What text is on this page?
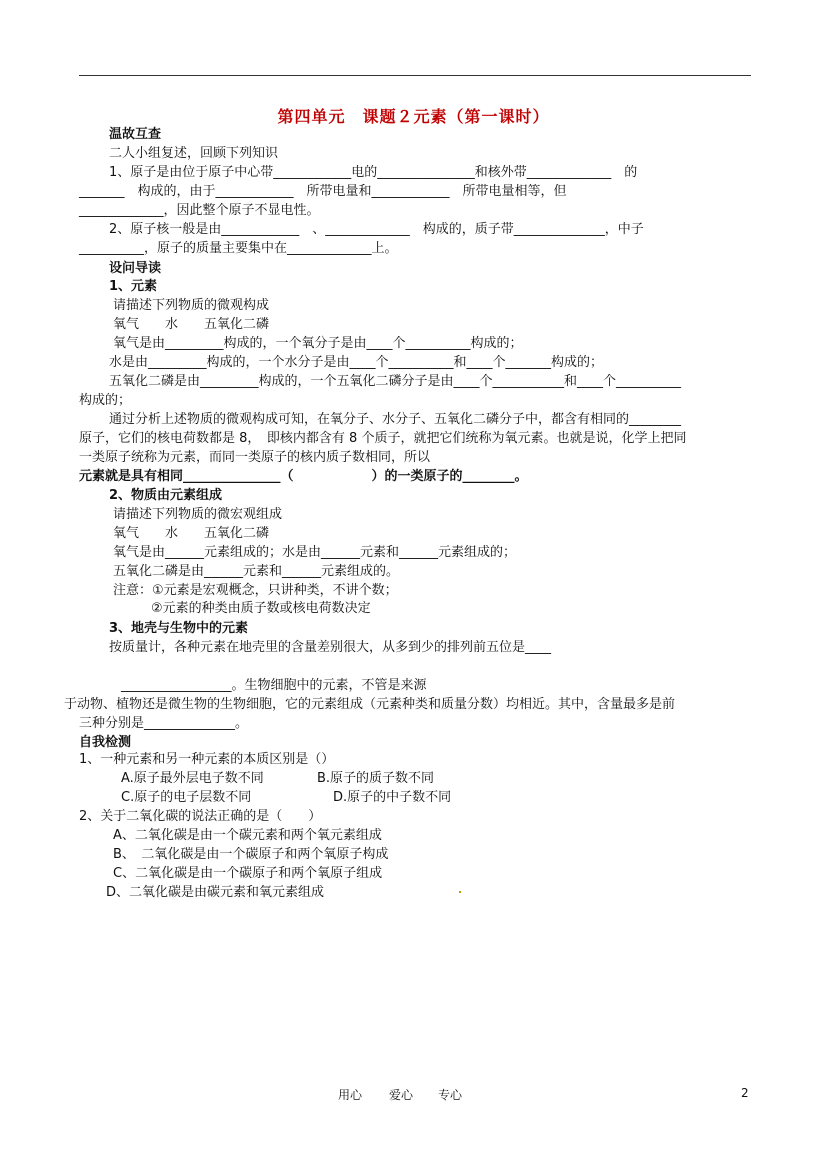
第四单元　课题２元素（第一课时）
温故互查
二人小组复述，回顾下列知识
1、原子是由位于原子中心带____________电的_______________和核外带_____________　的
_______　构成的，由于____________　所带电量和____________　所带电量相等，但
_____________，因此整个原子不显电性。
2、原子核一般是由____________　、_____________　构成的，质子带______________，中子
__________，原子的质量主要集中在_____________上。
设问导读
1、元素
请描述下列物质的微观构成
氧气　　水　　五氧化二磷
氧气是由_________构成的，一个氧分子是由____个__________构成的；
水是由_________构成的，一个水分子是由____个__________和____个_______构成的；
五氧化二磷是由_________构成的，一个五氧化二磷分子是由____个___________和____个__________
构成的；
通过分析上述物质的微观构成可知，在氧分子、水分子、五氧化二磷分子中，都含有相同的________
原子，它们的核电荷数都是 8，　即核内都含有 8 个质子，就把它们统称为氧元素。也就是说，化学上把同
一类原子统称为元素，而同一类原子的核内质子数相同，所以
元素就是具有相同_______________（　　　　　　）的一类原子的________。
2、物质由元素组成
请描述下列物质的微宏观组成
氧气　　水　　五氧化二磷
氧气是由______元素组成的；水是由______元素和______元素组成的；
五氧化二磷是由______元素和______元素组成的。
注意：①元素是宏观概念，只讲种类，不讲个数；
②元素的种类由质子数或核电荷数决定
3、地壳与生物中的元素
按质量计，各种元素在地壳里的含量差别很大，从多到少的排列前五位是____
_________________。生物细胞中的元素，不管是来源
于动物、植物还是微生物的生物细胞，它的元素组成（元素种类和质量分数）均相近。其中，含量最多是前
三种分别是______________。
自我检测
1、一种元素和另一种元素的本质区别是（）
A.原子最外层电子数不同	B.原子的质子数不同
C.原子的电子层数不同	D.原子的中子数不同
2、关于二氧化碳的说法正确的是（　　）
A、二氧化碳是由一个碳元素和两个氧元素组成
B、　二氧化碳是由一个碳原子和两个氧原子构成
C、二氧化碳是由一个碳原子和两个氧原子组成
D、二氧化碳是由碳元素和氧元素组成
用心 爱心 专心	2
